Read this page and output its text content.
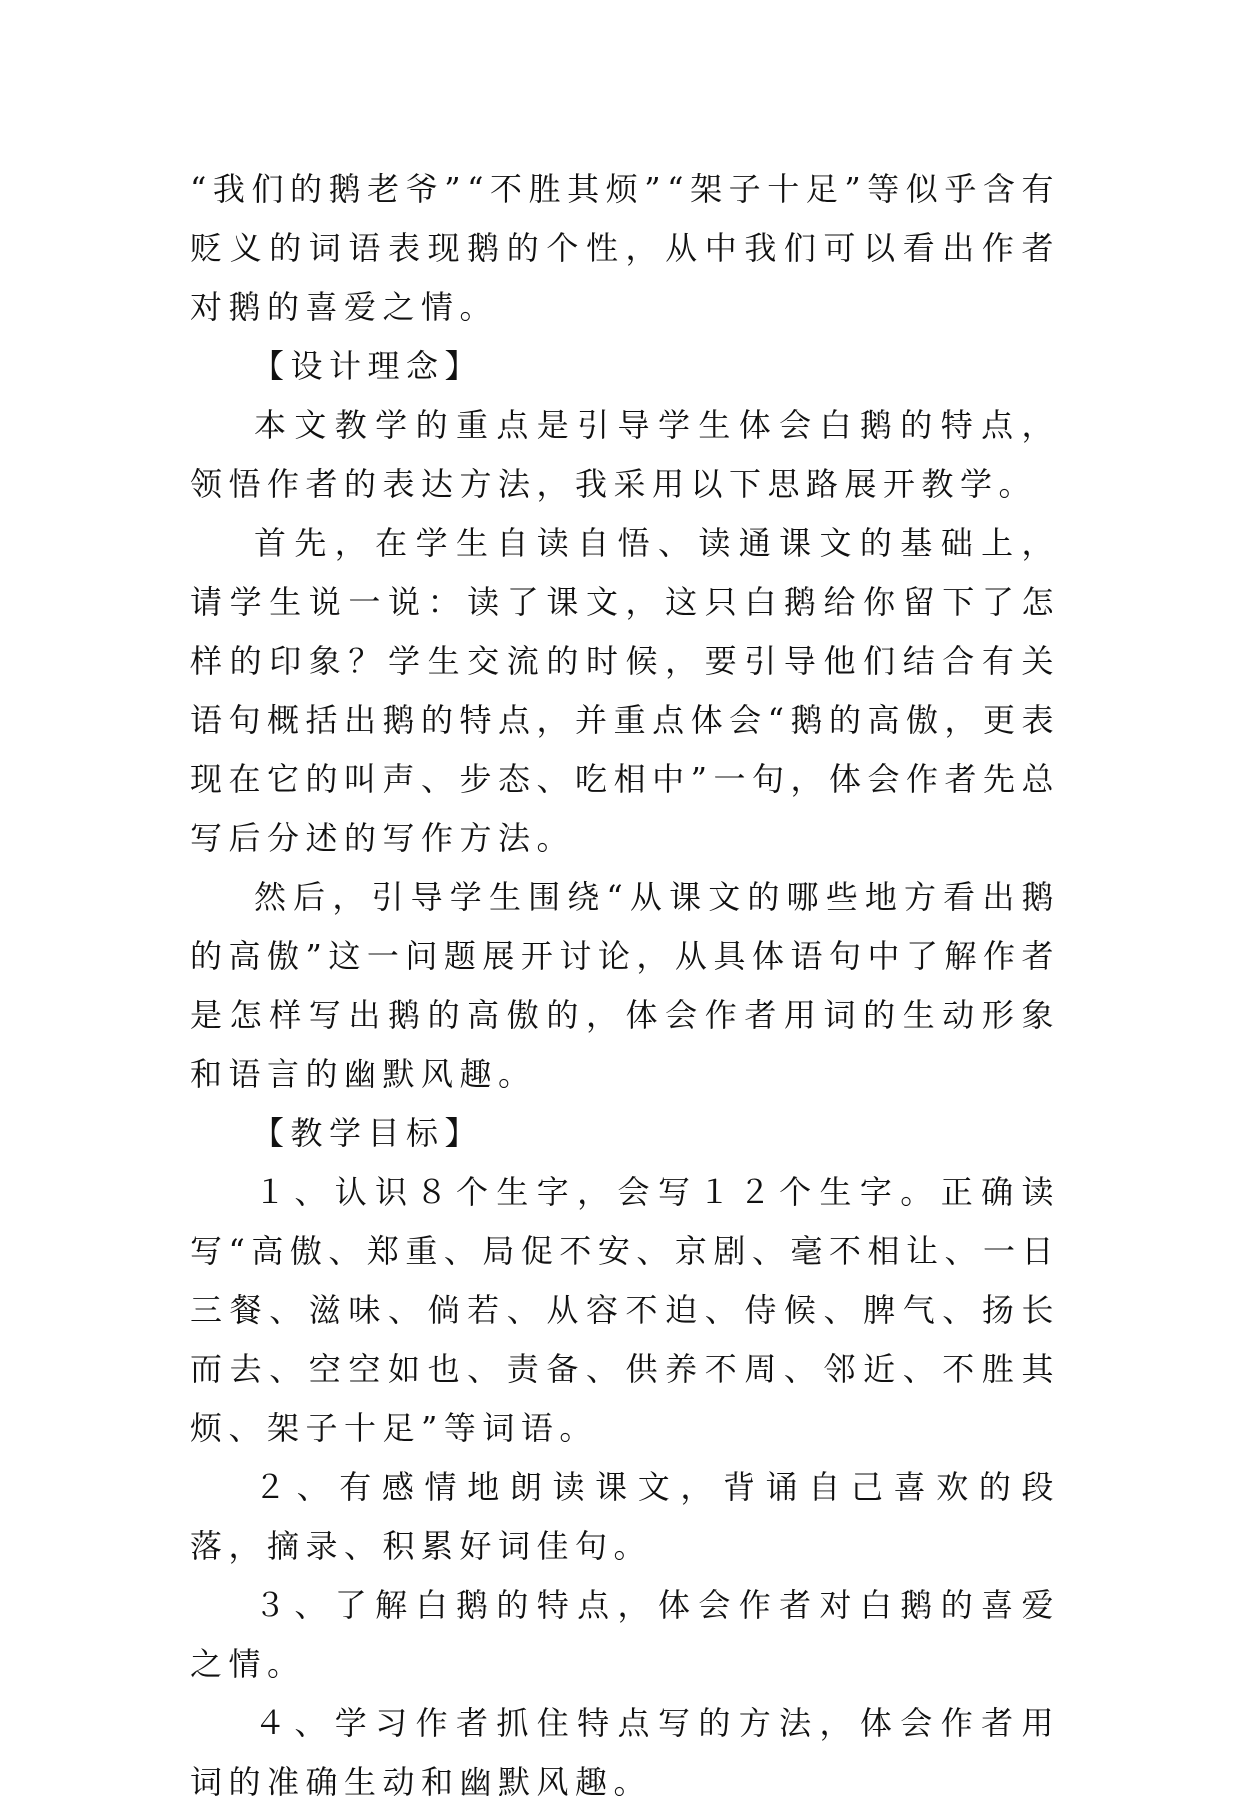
“我们的鹅老爷”“不胜其烦”“架子十足”等似乎含有贬义的词语表现鹅的个性，从中我们可以看出作者对鹅的喜爱之情。

【设计理念】

本文教学的重点是引导学生体会白鹅的特点，领悟作者的表达方法，我采用以下思路展开教学。

首先，在学生自读自悟、读通课文的基础上，请学生说一说：读了课文，这只白鹅给你留下了怎样的印象？学生交流的时候，要引导他们结合有关语句概括出鹅的特点，并重点体会“鹅的高傲，更表现在它的叫声、步态、吃相中”一句，体会作者先总写后分述的写作方法。

然后，引导学生围绕“从课文的哪些地方看出鹅的高傲”这一问题展开讨论，从具体语句中了解作者是怎样写出鹅的高傲的，体会作者用词的生动形象和语言的幽默风趣。

【教学目标】

１、认识８个生字，会写１２个生字。正确读写“高傲、郑重、局促不安、京剧、毫不相让、一日三餐、滋味、倘若、从容不迫、侍候、脾气、扬长而去、空空如也、责备、供养不周、邻近、不胜其烦、架子十足”等词语。

２、有感情地朗读课文，背诵自己喜欢的段落，摘录、积累好词佳句。

３、了解白鹅的特点，体会作者对白鹅的喜爱之情。

４、学习作者抓住特点写的方法，体会作者用词的准确生动和幽默风趣。
